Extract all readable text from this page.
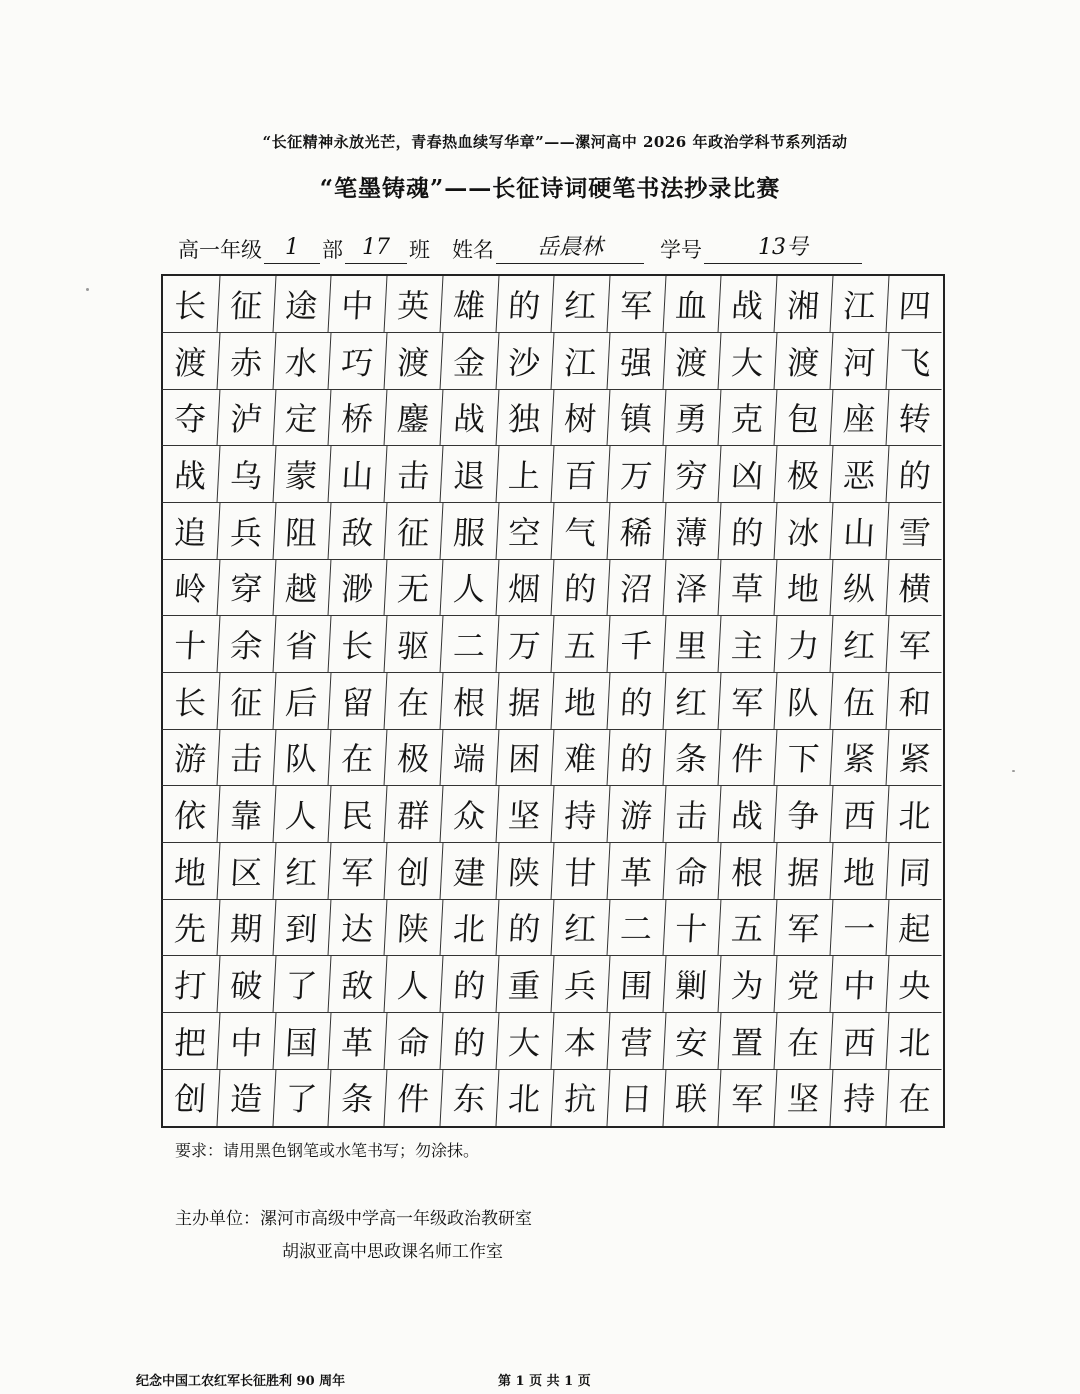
“长征精神永放光芒，青春热血续写华章”——漯河高中 2026 年政治学科节系列活动
“笔墨铸魂”——长征诗词硬笔书法抄录比赛
高一年级	1	部 17 班 姓名	岳晨林	学号	13号
长 征 途 中 英 雄 的 红 军 血 战 湘 江 四
渡 赤 水 巧 渡 金 沙 江 强 渡 大 渡 河 飞
夺 泸 定 桥 鏖 战 独 树 镇 勇 克 包 座 转
战 乌 蒙 山 击 退 上 百 万 穷 凶 极 恶 的
追 兵 阻 敌 征 服 空 气 稀 薄 的 冰 山 雪
岭 穿 越 渺 无 人 烟 的 沼 泽 草 地 纵 横
十 余 省 长 驱 二 万 五 千 里 主 力 红 军
长 征 后 留 在 根 据 地 的 红 军 队 伍 和
游 击 队 在 极 端 困 难 的 条 件 下 紧 紧
依 靠 人 民 群 众 坚 持 游 击 战 争 西 北
地 区 红 军 创 建 陕 甘 革 命 根 据 地 同
先 期 到 达 陕 北 的 红 二 十 五 军 一 起
打 破 了 敌 人 的 重 兵 围 剿 为 党 中 央
把 中 国 革 命 的 大 本 营 安 置 在 西 北
创 造 了 条 件 东 北 抗 日 联 军 坚 持 在
要求：请用黑色钢笔或水笔书写；勿涂抹。
主办单位：漯河市高级中学高一年级政治教研室
胡淑亚高中思政课名师工作室
纪念中国工农红军长征胜利 90 周年	第 1 页 共 1 页
